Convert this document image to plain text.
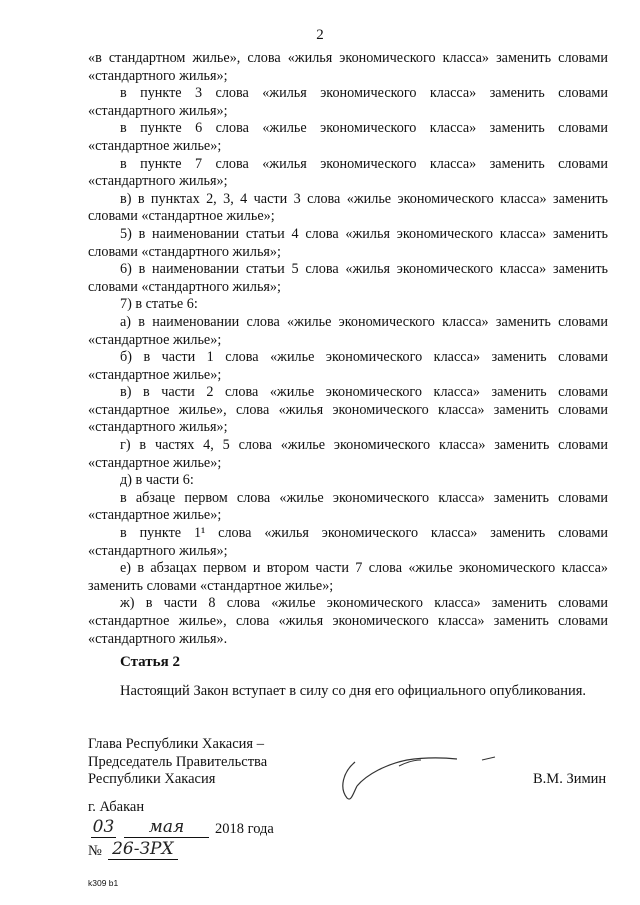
2
«в стандартном жилье», слова «жилья экономического класса» заменить словами «стандартного жилья»;
в пункте 3 слова «жилья экономического класса» заменить словами «стандартного жилья»;
в пункте 6 слова «жилье экономического класса» заменить словами «стандартное жилье»;
в пункте 7 слова «жилья экономического класса» заменить словами «стандартного жилья»;
в) в пунктах 2, 3, 4 части 3 слова «жилье экономического класса» заменить словами «стандартное жилье»;
5) в наименовании статьи 4 слова «жилья экономического класса» заменить словами «стандартного жилья»;
6) в наименовании статьи 5 слова «жилья экономического класса» заменить словами «стандартного жилья»;
7) в статье 6:
а) в наименовании слова «жилье экономического класса» заменить словами «стандартное жилье»;
б) в части 1 слова «жилье экономического класса» заменить словами «стандартное жилье»;
в) в части 2 слова «жилье экономического класса» заменить словами «стандартное жилье», слова «жилья экономического класса» заменить словами «стандартного жилья»;
г) в частях 4, 5 слова «жилье экономического класса» заменить словами «стандартное жилье»;
д) в части 6:
в абзаце первом слова «жилье экономического класса» заменить словами «стандартное жилье»;
в пункте 1¹ слова «жилья экономического класса» заменить словами «стандартного жилья»;
е) в абзацах первом и втором части 7 слова «жилье экономического класса» заменить словами «стандартное жилье»;
ж) в части 8 слова «жилье экономического класса» заменить словами «стандартное жилье», слова «жилья экономического класса» заменить словами «стандартного жилья».
Статья 2
Настоящий Закон вступает в силу со дня его официального опубликования.
Глава Республики Хакасия –
Председатель Правительства
Республики Хакасия	В.М. Зимин
г. Абакан
03	мая	2018 года
№ 26-ЗРХ
k309 b1
